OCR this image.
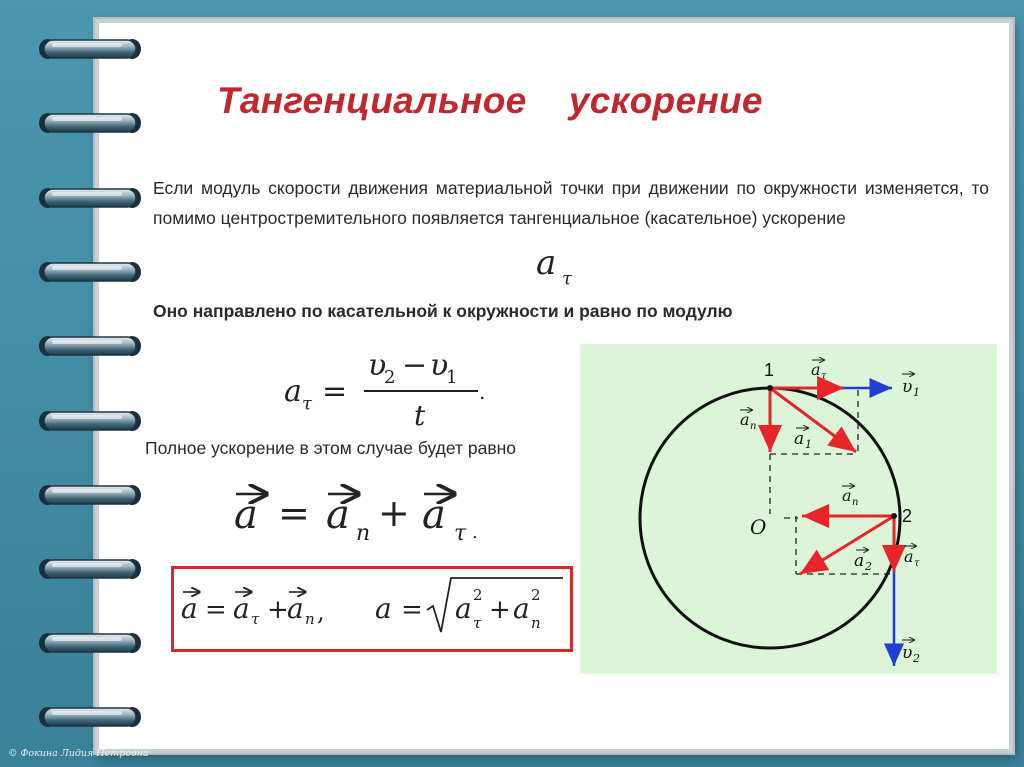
Тангенциальное    ускорение
Если модуль скорости движения материальной точки при движении по окружности изменяется, то помимо центростремительного появляется тангенциальное (касательное) ускорение
a τ
Оно направлено по касательной к окружности и равно по модулю
a τ =
υ
2 − υ
1
t
.
Полное ускорение в этом случае будет равно
a = a n + a τ .
a = a τ +
a n , a = a 2
τ + a 2
n
1
2
O
a τ
υ 1
a n
a 1
a n
a τ
a 2
υ 2
© Фокина Лидия Петровна
